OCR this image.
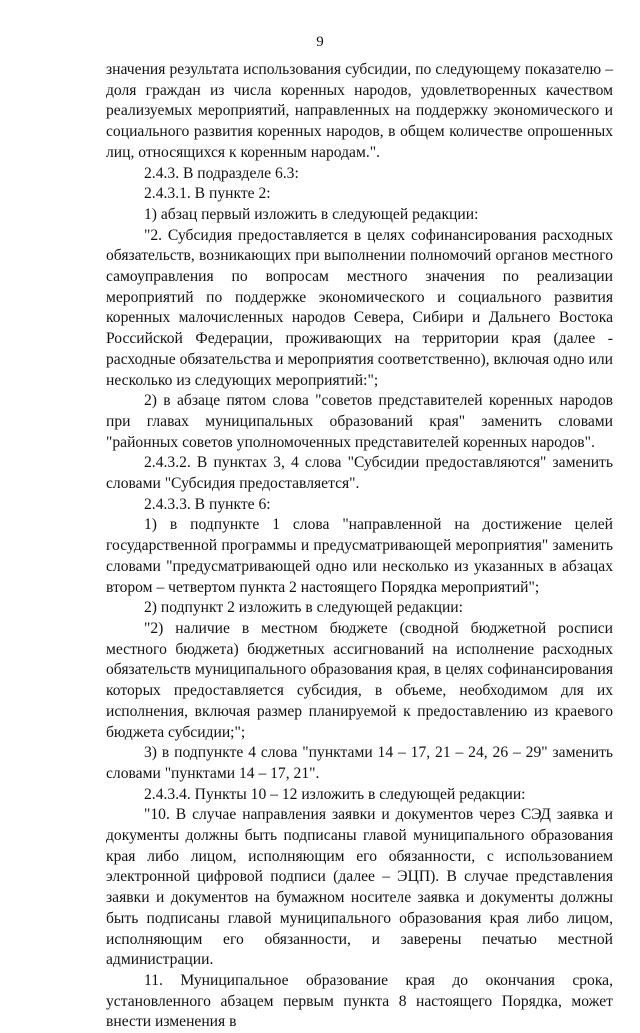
9

значения результата использования субсидии, по следующему показателю – доля граждан из числа коренных народов, удовлетворенных качеством реализуемых мероприятий, направленных на поддержку экономического и социального развития коренных народов, в общем количестве опрошенных лиц, относящихся к коренным народам.".

2.4.3. В подразделе 6.3:

2.4.3.1. В пункте 2:

1) абзац первый изложить в следующей редакции:

"2. Субсидия предоставляется в целях софинансирования расходных обязательств, возникающих при выполнении полномочий органов местного самоуправления по вопросам местного значения по реализации мероприятий по поддержке экономического и социального развития коренных малочисленных народов Севера, Сибири и Дальнего Востока Российской Федерации, проживающих на территории края (далее - расходные обязательства и мероприятия соответственно), включая одно или несколько из следующих мероприятий:";

2) в абзаце пятом слова "советов представителей коренных народов при главах муниципальных образований края" заменить словами "районных советов уполномоченных представителей коренных народов".

2.4.3.2. В пунктах 3, 4 слова "Субсидии предоставляются" заменить словами "Субсидия предоставляется".

2.4.3.3. В пункте 6:

1) в подпункте 1 слова "направленной на достижение целей государственной программы и предусматривающей мероприятия" заменить словами "предусматривающей одно или несколько из указанных в абзацах втором – четвертом пункта 2 настоящего Порядка мероприятий";

2) подпункт 2 изложить в следующей редакции:

"2) наличие в местном бюджете (сводной бюджетной росписи местного бюджета) бюджетных ассигнований на исполнение расходных обязательств муниципального образования края, в целях софинансирования которых предоставляется субсидия, в объеме, необходимом для их исполнения, включая размер планируемой к предоставлению из краевого бюджета субсидии;";

3) в подпункте 4 слова "пунктами 14 – 17, 21 – 24, 26 – 29" заменить словами "пунктами 14 – 17, 21".

2.4.3.4. Пункты 10 – 12 изложить в следующей редакции:

"10. В случае направления заявки и документов через СЭД заявка и документы должны быть подписаны главой муниципального образования края либо лицом, исполняющим его обязанности, с использованием электронной цифровой подписи (далее – ЭЦП). В случае представления заявки и документов на бумажном носителе заявка и документы должны быть подписаны главой муниципального образования края либо лицом, исполняющим его обязанности, и заверены печатью местной администрации.

11. Муниципальное образование края до окончания срока, установленного абзацем первым пункта 8 настоящего Порядка, может внести изменения в
